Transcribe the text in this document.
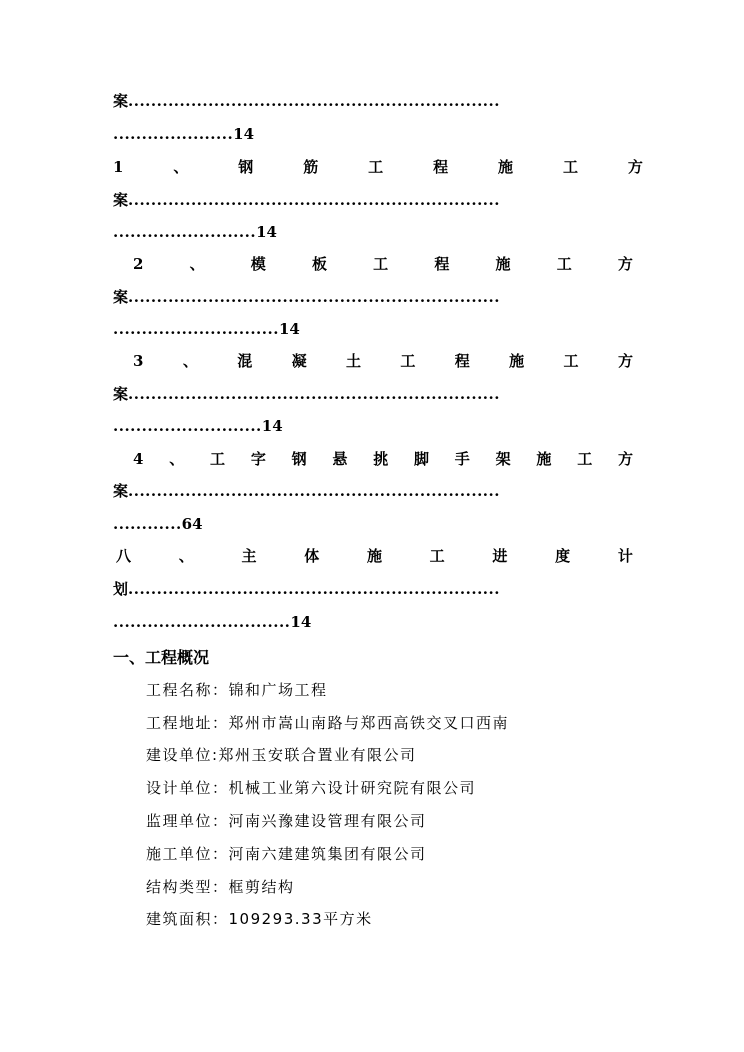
案.................................................................
.....................14
1	、	钢	筋	工	程	施	工	方
案.................................................................
.........................14
2	、	模	板	工	程	施	工	方
案.................................................................
.............................14
3	、	混	凝	土	工	程	施	工	方
案.................................................................
..........................14
4 、 工 字 钢 悬 挑 脚 手 架 施 工 方
案.................................................................
............64
八	、	主	体	施	工	进	度	计
划.................................................................
...............................14
一、工程概况
工程名称：锦和广场工程
工程地址：郑州市嵩山南路与郑西高铁交叉口西南
建设单位:郑州玉安联合置业有限公司
设计单位：机械工业第六设计研究院有限公司
监理单位：河南兴豫建设管理有限公司
施工单位：河南六建建筑集团有限公司
结构类型：框剪结构
建筑面积：109293.33平方米
